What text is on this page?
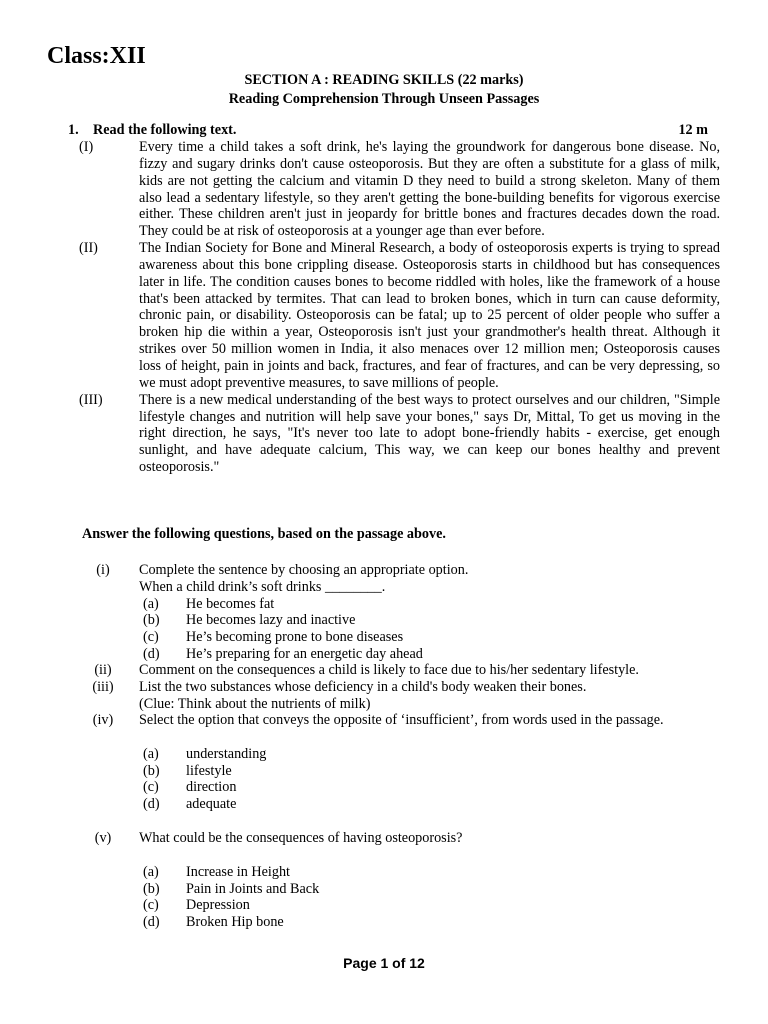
Class:XII
SECTION A : READING SKILLS (22 marks)
Reading Comprehension Through Unseen Passages
1. Read the following text.	12 m

(I)	Every time a child takes a soft drink, he's laying the groundwork for dangerous bone disease. No, fizzy and sugary drinks don't cause osteoporosis. But they are often a substitute for a glass of milk, kids are not getting the calcium and vitamin D they need to build a strong skeleton. Many of them also lead a sedentary lifestyle, so they aren't getting the bone-building benefits for vigorous exercise either. These children aren't just in jeopardy for brittle bones and fractures decades down the road. They could be at risk of osteoporosis at a younger age than ever before.

(II)	The Indian Society for Bone and Mineral Research, a body of osteoporosis experts is trying to spread awareness about this bone crippling disease. Osteoporosis starts in childhood but has consequences later in life. The condition causes bones to become riddled with holes, like the framework of a house that's been attacked by termites. That can lead to broken bones, which in turn can cause deformity, chronic pain, or disability. Osteoporosis can be fatal; up to 25 percent of older people who suffer a broken hip die within a year, Osteoporosis isn't just your grandmother's health threat. Although it strikes over 50 million women in India, it also menaces over 12 million men; Osteoporosis causes loss of height, pain in joints and back, fractures, and fear of fractures, and can be very depressing, so we must adopt preventive measures, to save millions of people.

(III)	There is a new medical understanding of the best ways to protect ourselves and our children, "Simple lifestyle changes and nutrition will help save your bones," says Dr, Mittal, To get us moving in the right direction, he says, "It's never too late to adopt bone-friendly habits - exercise, get enough sunlight, and have adequate calcium, This way, we can keep our bones healthy and prevent osteoporosis."

Answer the following questions, based on the passage above.
(i)	Complete the sentence by choosing an appropriate option.
When a child drink’s soft drinks ________.
(a) He becomes fat
(b) He becomes lazy and inactive
(c) He’s becoming prone to bone diseases
(d) He’s preparing for an energetic day ahead
(ii)	Comment on the consequences a child is likely to face due to his/her sedentary lifestyle.
(iii)	List the two substances whose deficiency in a child's body weaken their bones.
(Clue: Think about the nutrients of milk)
(iv)	Select the option that conveys the opposite of ‘insufficient’, from words used in the passage.
(a) understanding
(b) lifestyle
(c) direction
(d) adequate
(v)	What could be the consequences of having osteoporosis?
(a) Increase in Height
(b) Pain in Joints and Back
(c) Depression
(d) Broken Hip bone
Page 1 of 12
